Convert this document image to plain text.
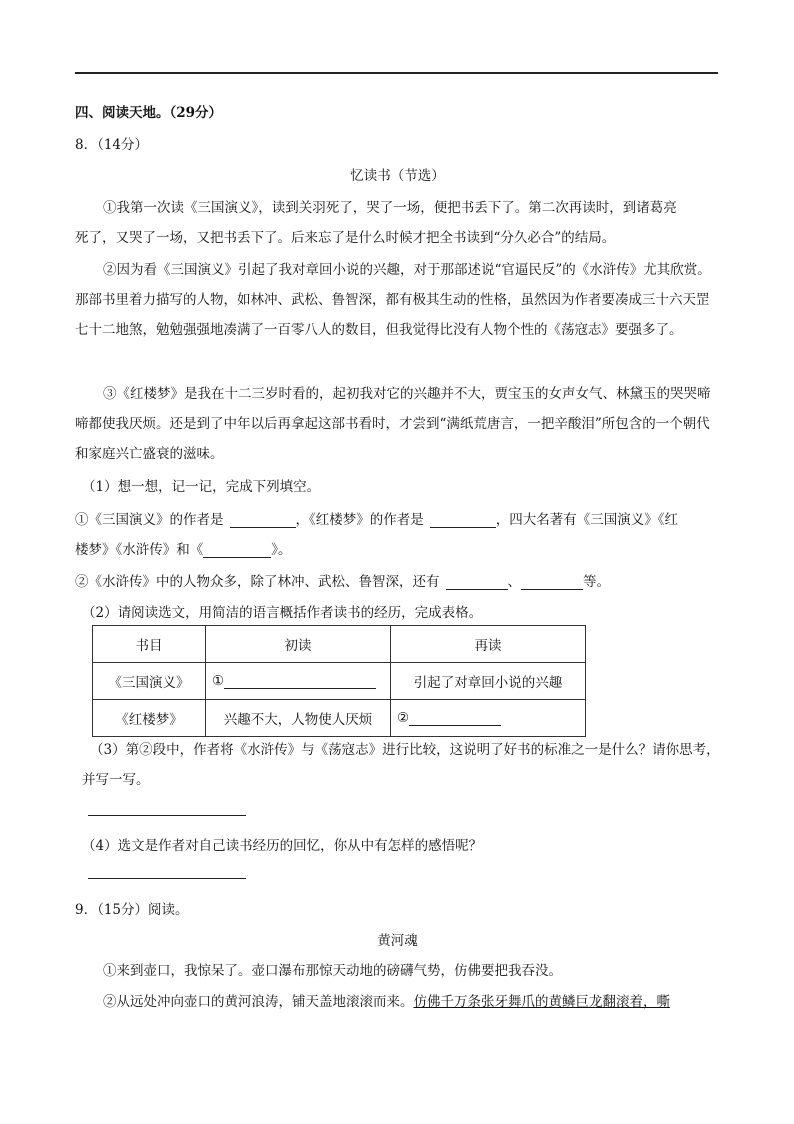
四、阅读天地。（29分）
8．（14分）
忆读书（节选）
①我第一次读《三国演义》，读到关羽死了，哭了一场，便把书丢下了。第二次再读时，到诸葛亮
死了，又哭了一场，又把书丢下了。后来忘了是什么时候才把全书读到“分久必合”的结局。
②因为看《三国演义》引起了我对章回小说的兴趣，对于那部述说“官逼民反”的《水浒传》尤其欣赏。那部书里着力描写的人物，如林冲、武松、鲁智深，都有极其生动的性格，虽然因为作者要凑成三十六天罡七十二地煞，勉勉强强地凑满了一百零八人的数目，但我觉得比没有人物个性的《荡寇志》要强多了。
③《红楼梦》是我在十二三岁时看的，起初我对它的兴趣并不大，贾宝玉的女声女气、林黛玉的哭哭啼啼都使我厌烦。还是到了中年以后再拿起这部书看时，才尝到“满纸荒唐言，一把辛酸泪”所包含的一个朝代和家庭兴亡盛衰的滋味。
（1）想一想，记一记，完成下列填空。
①《三国演义》的作者是	，《红楼梦》的作者是	，四大名著有《三国演义》《红
楼梦》《水浒传》和《	》。
②《水浒传》中的人物众多，除了林冲、武松、鲁智深，还有	、	等。
（2）请阅读选文，用简洁的语言概括作者读书的经历，完成表格。
书目	初读	再读
《三国演义》	①	引起了对章回小说的兴趣
《红楼梦》	兴趣不大，人物使人厌烦	②
（3）第②段中，作者将《水浒传》与《荡寇志》进行比较，这说明了好书的标准之一是什么？请你思考，并写一写。
（4）选文是作者对自己读书经历的回忆，你从中有怎样的感悟呢？
9．（15分）阅读。
黄河魂
①来到壶口，我惊呆了。壶口瀑布那惊天动地的磅礴气势，仿佛要把我吞没。
②从远处冲向壶口的黄河浪涛，铺天盖地滚滚而来。仿佛千万条张牙舞爪的黄鳞巨龙翻滚着，嘶
